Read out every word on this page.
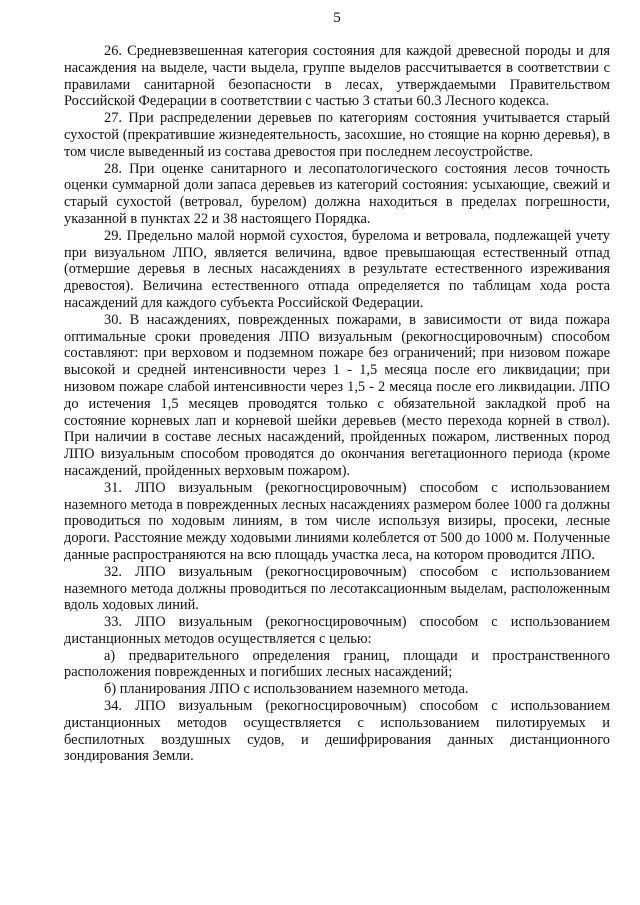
5

26. Средневзвешенная категория состояния для каждой древесной породы и для насаждения на выделе, части выдела, группе выделов рассчитывается в соответствии с правилами санитарной безопасности в лесах, утверждаемыми Правительством Российской Федерации в соответствии с частью 3 статьи 60.3 Лесного кодекса.

27. При распределении деревьев по категориям состояния учитывается старый сухостой (прекратившие жизнедеятельность, засохшие, но стоящие на корню деревья), в том числе выведенный из состава древостоя при последнем лесоустройстве.

28. При оценке санитарного и лесопатологического состояния лесов точность оценки суммарной доли запаса деревьев из категорий состояния: усыхающие, свежий и старый сухостой (ветровал, бурелом) должна находиться в пределах погрешности, указанной в пунктах 22 и 38 настоящего Порядка.

29. Предельно малой нормой сухостоя, бурелома и ветровала, подлежащей учету при визуальном ЛПО, является величина, вдвое превышающая естественный отпад (отмершие деревья в лесных насаждениях в результате естественного изреживания древостоя). Величина естественного отпада определяется по таблицам хода роста насаждений для каждого субъекта Российской Федерации.

30. В насаждениях, поврежденных пожарами, в зависимости от вида пожара оптимальные сроки проведения ЛПО визуальным (рекогносцировочным) способом составляют: при верховом и подземном пожаре без ограничений; при низовом пожаре высокой и средней интенсивности через 1 - 1,5 месяца после его ликвидации; при низовом пожаре слабой интенсивности через 1,5 - 2 месяца после его ликвидации. ЛПО до истечения 1,5 месяцев проводятся только с обязательной закладкой проб на состояние корневых лап и корневой шейки деревьев (место перехода корней в ствол). При наличии в составе лесных насаждений, пройденных пожаром, лиственных пород ЛПО визуальным способом проводятся до окончания вегетационного периода (кроме насаждений, пройденных верховым пожаром).

31. ЛПО визуальным (рекогносцировочным) способом с использованием наземного метода в поврежденных лесных насаждениях размером более 1000 га должны проводиться по ходовым линиям, в том числе используя визиры, просеки, лесные дороги. Расстояние между ходовыми линиями колеблется от 500 до 1000 м. Полученные данные распространяются на всю площадь участка леса, на котором проводится ЛПО.

32. ЛПО визуальным (рекогносцировочным) способом с использованием наземного метода должны проводиться по лесотаксационным выделам, расположенным вдоль ходовых линий.

33. ЛПО визуальным (рекогносцировочным) способом с использованием дистанционных методов осуществляется с целью:

а) предварительного определения границ, площади и пространственного расположения поврежденных и погибших лесных насаждений;

б) планирования ЛПО с использованием наземного метода.

34. ЛПО визуальным (рекогносцировочным) способом с использованием дистанционных методов осуществляется с использованием пилотируемых и беспилотных воздушных судов, и дешифрирования данных дистанционного зондирования Земли.
